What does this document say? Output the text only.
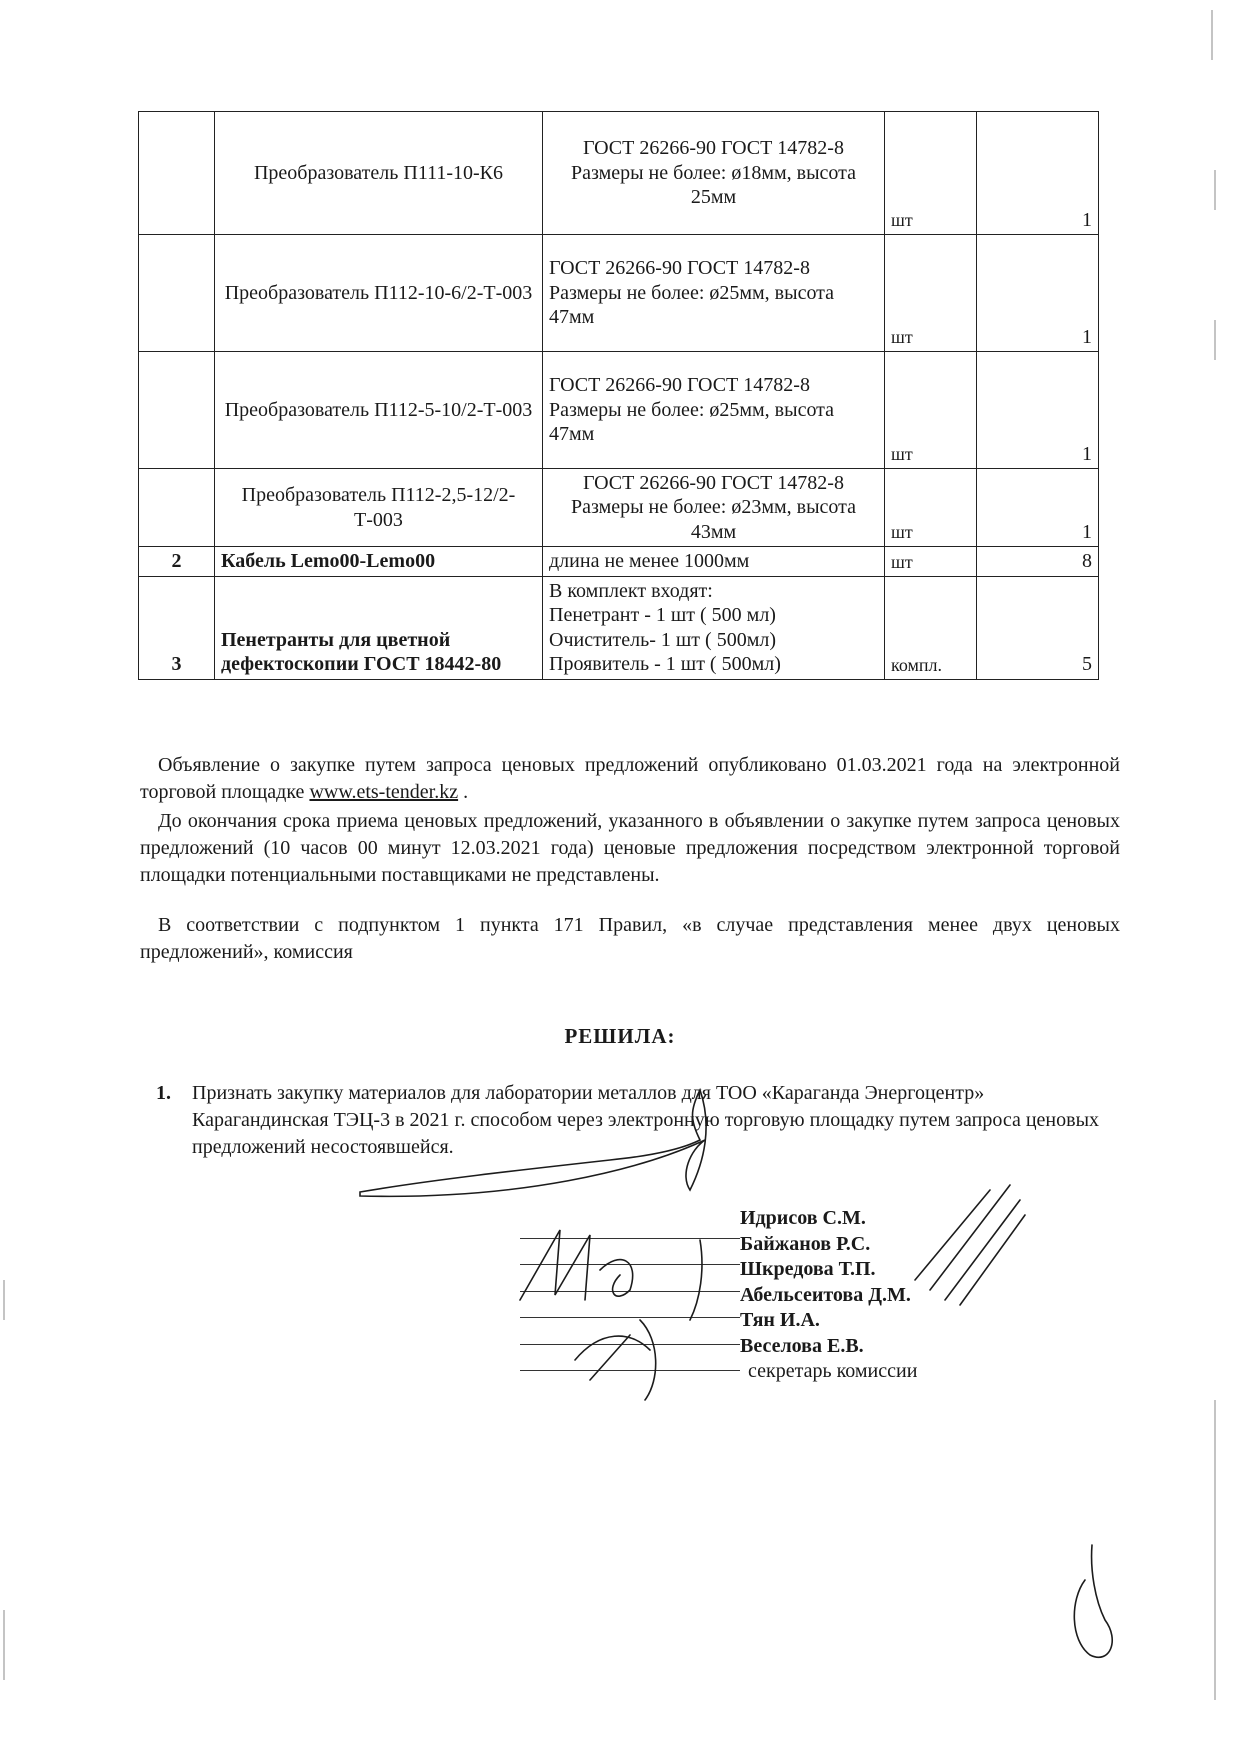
	Преобразователь П111-10-К6	ГОСТ 26266-90 ГОСТ 14782-8
Размеры не более: ø18мм, высота
25мм	шт	1
	Преобразователь П112-10-6/2-Т-003	ГОСТ 26266-90 ГОСТ 14782-8
Размеры не более: ø25мм, высота
47мм	шт	1
	Преобразователь П112-5-10/2-Т-003	ГОСТ 26266-90 ГОСТ 14782-8
Размеры не более: ø25мм, высота
47мм	шт	1
	Преобразователь П112-2,5-12/2-Т-003	ГОСТ 26266-90 ГОСТ 14782-8
Размеры не более: ø23мм, высота
43мм	шт	1
2	Кабель Lemo00-Lemo00	длина не менее 1000мм	шт	8
3	Пенетранты для цветной дефектоскопии ГОСТ 18442-80	В комплект входят:
Пенетрант - 1 шт ( 500 мл)
Очиститель- 1 шт ( 500мл)
Проявитель - 1 шт ( 500мл)	компл.	5
Объявление о закупке путем запроса ценовых предложений опубликовано 01.03.2021 года на электронной торговой площадке www.ets-tender.kz .
До окончания срока приема ценовых предложений, указанного в объявлении о закупке путем запроса ценовых предложений (10 часов 00 минут 12.03.2021 года) ценовые предложения посредством электронной торговой площадки потенциальными поставщиками не представлены.
В соответствии с подпунктом 1 пункта 171 Правил, «в случае представления менее двух ценовых предложений», комиссия
РЕШИЛА:
1. Признать закупку материалов для лаборатории металлов для ТОО «Караганда Энергоцентр» Карагандинская ТЭЦ-3 в 2021 г. способом через электронную торговую площадку путем запроса ценовых предложений несостоявшейся.
Идрисов С.М.
Байжанов Р.С.
Шкредова Т.П.
Абельсеитова Д.М.
Тян И.А.
Веселова Е.В.
секретарь комиссии
